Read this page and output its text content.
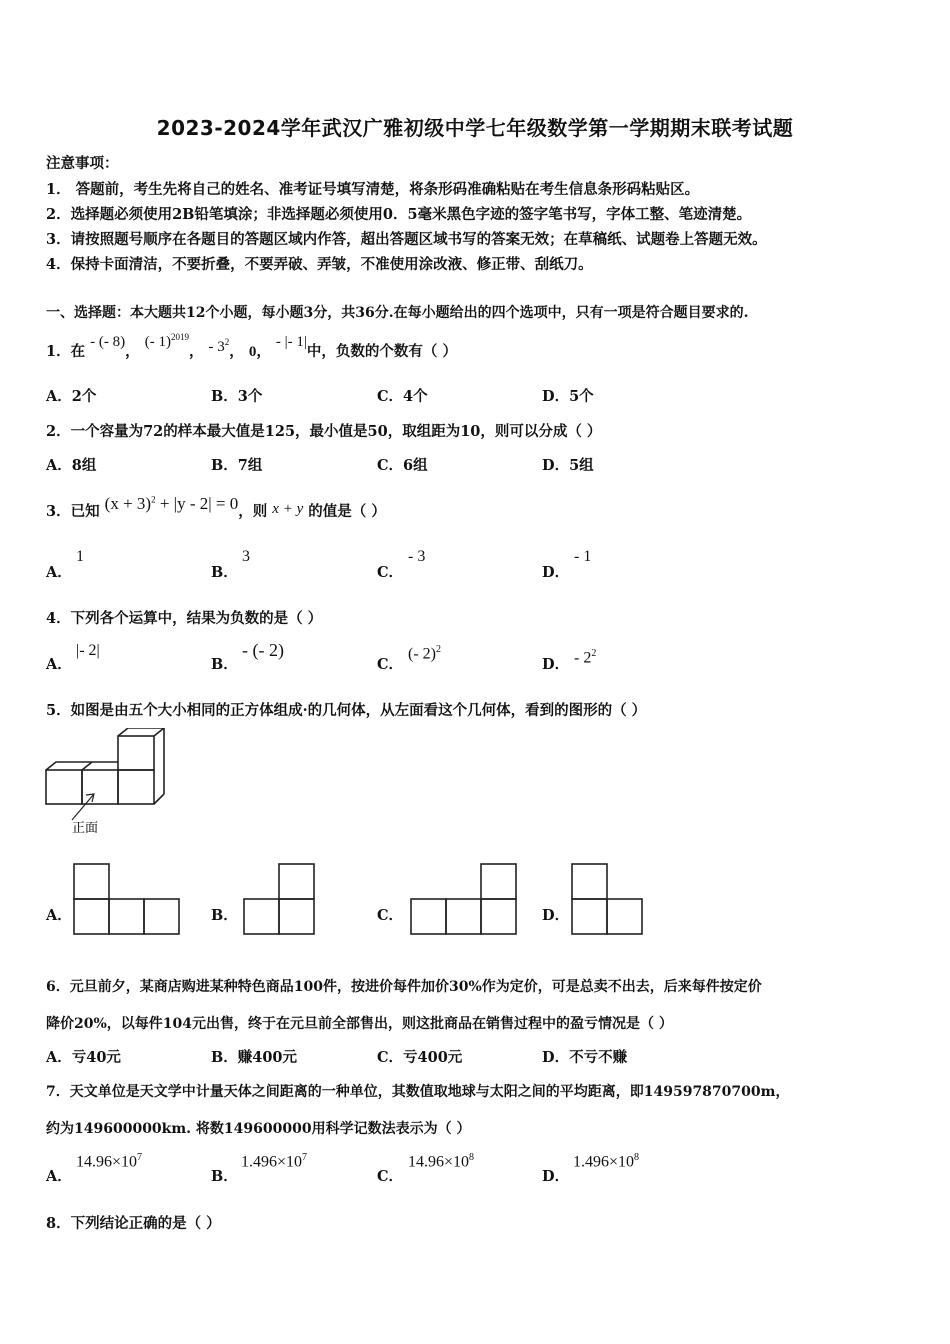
2023-2024学年武汉广雅初级中学七年级数学第一学期期末联考试题
注意事项：
1． 答题前，考生先将自己的姓名、准考证号填写清楚，将条形码准确粘贴在考生信息条形码粘贴区。
2．选择题必须使用2B铅笔填涂；非选择题必须使用0．5毫米黑色字迹的签字笔书写，字体工整、笔迹清楚。
3．请按照题号顺序在各题目的答题区域内作答，超出答题区域书写的答案无效；在草稿纸、试题卷上答题无效。
4．保持卡面清洁，不要折叠，不要弄破、弄皱，不准使用涂改液、修正带、刮纸刀。
一、选择题：本大题共12个小题，每小题3分，共36分.在每小题给出的四个选项中，只有一项是符合题目要求的.
1．在 - (- 8)， (- 1)$^{2019}$， - $3^2$， 0， - |- 1|中，负数的个数有（ ）
A．2个	B．3个	C．4个	D．5个
2．一个容量为72的样本最大值是125，最小值是50，取组距为10，则可以分成（ ）
A．8组	B．7组	C．6组	D．5组
3．已知 $(x + 3)^2 + |y - 2| = 0$，则 x + y 的值是（ ）
A．
1
B．
3
C．
- 3
D．
- 1
4．下列各个运算中，结果为负数的是（ ）
A．
|- 2|
B．
- (- 2)
C．
(- 2)$^2$
D． - $2^2$
5．如图是由五个大小相同的正方体组成·的几何体，从左面看这个几何体，看到的图形的（ ）
正面
A．	B．	C．	D．
6．元旦前夕，某商店购进某种特色商品100件，按进价每件加价30%作为定价，可是总卖不出去，后来每件按定价
降价20%，以每件104元出售，终于在元旦前全部售出，则这批商品在销售过程中的盈亏情况是（ ）
A．亏40元	B．赚400元	C．亏400元	D．不亏不赚
7．天文单位是天文学中计量天体之间距离的一种单位，其数值取地球与太阳之间的平均距离，即149597870700m，
约为149600000km. 将数149600000用科学记数法表示为（ ）
A．
$14.96\times 10^7$
B．
$1.496\times 10^7$
C．
$14.96\times 10^8$
D．
$1.496\times 10^8$
8．下列结论正确的是（ ）
